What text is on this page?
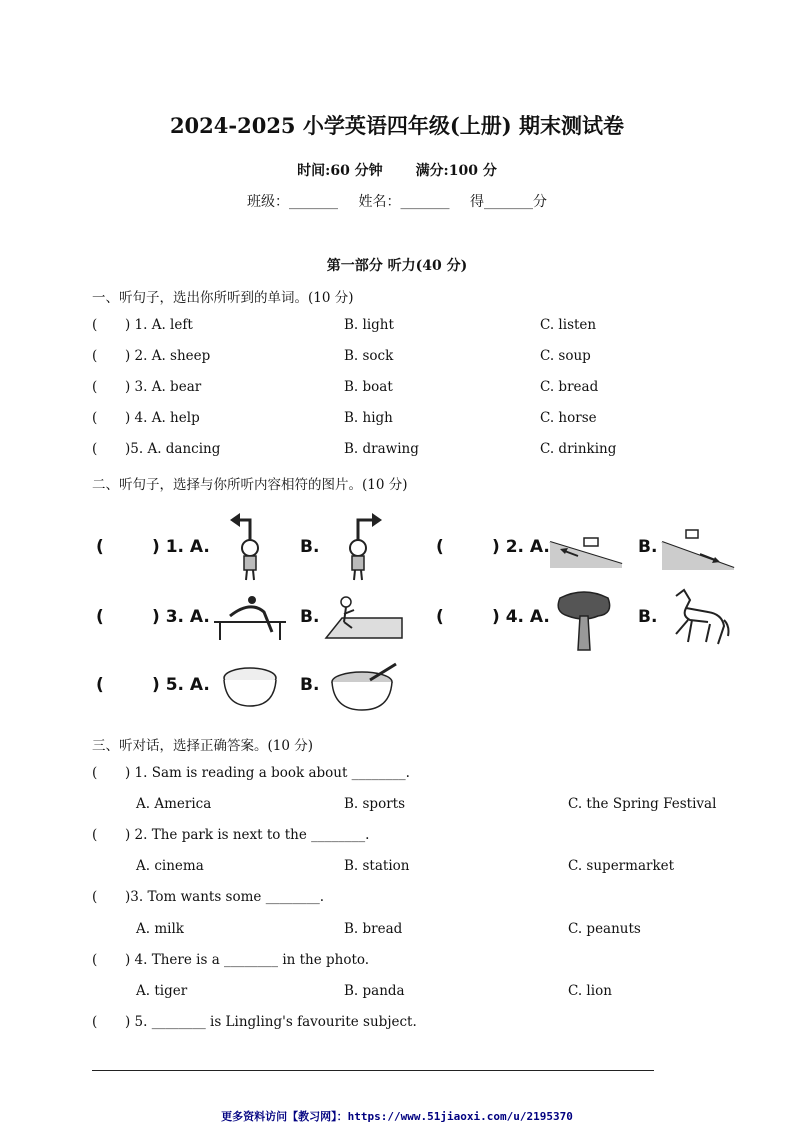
2024-2025 小学英语四年级(上册) 期末测试卷
时间:60 分钟 满分:100 分
班级：_______ 姓名：_______ 得_______分
第一部分 听力(40 分)
一、听句子，选出你所听到的单词。(10 分)
( ) 1. A. left	B. light	C. listen
( ) 2. A. sheep	B. sock	C. soup
( ) 3. A. bear	B. boat	C. bread
( ) 4. A. help	B. high	C. horse
( )5. A. dancing	B. drawing	C. drinking
二、听句子，选择与你所听内容相符的图片。(10 分)
(	) 1. A.	B.	(	) 2. A.	B.
(	) 3. A.	B.	(	) 4. A.	B.
(	) 5. A.	B.
三、听对话，选择正确答案。(10 分)
( ) 1. Sam is reading a book about ________.
A. America	B. sports	C. the Spring Festival
( ) 2. The park is next to the ________.
A. cinema	B. station	C. supermarket
( )3. Tom wants some ________.
A. milk	B. bread	C. peanuts
( ) 4. There is a ________ in the photo.
A. tiger	B. panda	C. lion
( ) 5. ________ is Lingling's favourite subject.
更多资料访问【教习网】：https://www.51jiaoxi.com/u/2195370
